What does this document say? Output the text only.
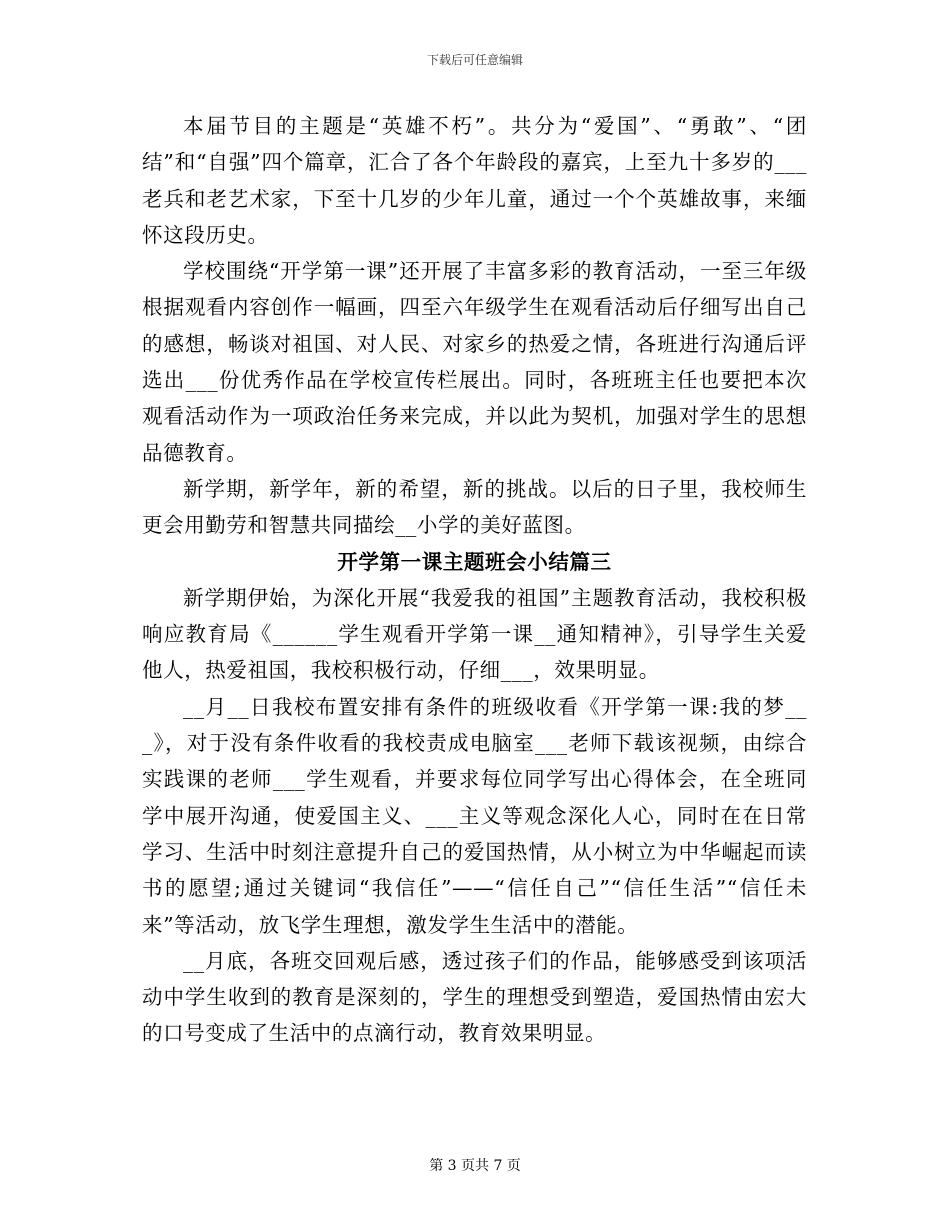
下载后可任意编辑

本届节目的主题是“英雄不朽”。共分为“爱国”、“勇敢”、“团结”和“自强”四个篇章，汇合了各个年龄段的嘉宾，上至九十多岁的___老兵和老艺术家，下至十几岁的少年儿童，通过一个个英雄故事，来缅怀这段历史。

学校围绕“开学第一课”还开展了丰富多彩的教育活动，一至三年级根据观看内容创作一幅画，四至六年级学生在观看活动后仔细写出自己的感想，畅谈对祖国、对人民、对家乡的热爱之情，各班进行沟通后评选出___份优秀作品在学校宣传栏展出。同时，各班班主任也要把本次观看活动作为一项政治任务来完成，并以此为契机，加强对学生的思想品德教育。

新学期，新学年，新的希望，新的挑战。以后的日子里，我校师生更会用勤劳和智慧共同描绘__小学的美好蓝图。

开学第一课主题班会小结篇三

新学期伊始，为深化开展“我爱我的祖国”主题教育活动，我校积极响应教育局《______学生观看开学第一课__通知精神》，引导学生关爱他人，热爱祖国，我校积极行动，仔细___，效果明显。

__月__日我校布置安排有条件的班级收看《开学第一课:我的梦___》，对于没有条件收看的我校责成电脑室___老师下载该视频，由综合实践课的老师___学生观看，并要求每位同学写出心得体会，在全班同学中展开沟通，使爱国主义、___主义等观念深化人心，同时在在日常学习、生活中时刻注意提升自己的爱国热情，从小树立为中华崛起而读书的愿望;通过关键词“我信任”——“信任自己”“信任生活”“信任未来”等活动，放飞学生理想，激发学生生活中的潜能。

__月底，各班交回观后感，透过孩子们的作品，能够感受到该项活动中学生收到的教育是深刻的，学生的理想受到塑造，爱国热情由宏大的口号变成了生活中的点滴行动，教育效果明显。

第 3 页共 7 页
